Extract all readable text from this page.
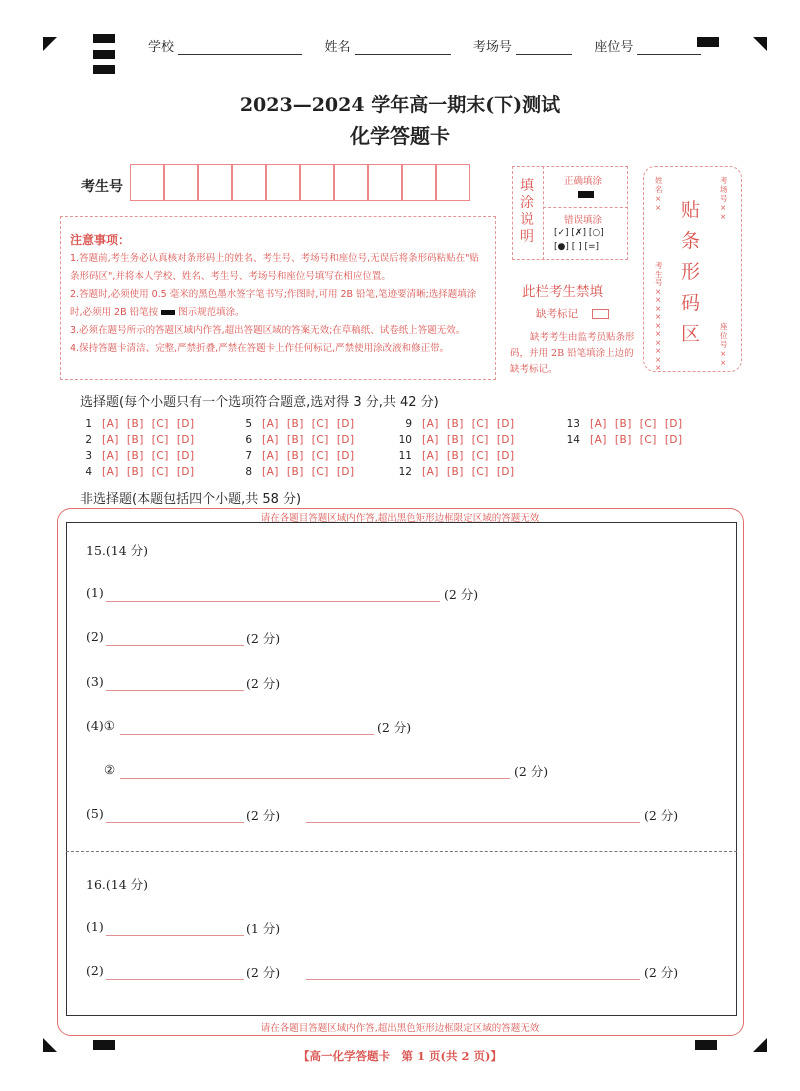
学校	姓名	考场号	座位号
2023—2024 学年高一期末(下)测试
化学答题卡
考生号	填涂说明
正确填涂
错误填涂
[✓] [✗] [○]
[●] [ ] [=]
贴条形码区
姓名××
考生号××××××××××
考场号××
座位号××
此栏考生禁填
缺考标记
缺考考生由监考员贴条形码，并用 2B 铅笔填涂上边的缺考标记。
注意事项：
1.答题前,考生务必认真核对条形码上的姓名、考生号、考场号和座位号,无误后将条形码粘贴在"贴条形码区",并将本人学校、姓名、考生号、考场号和座位号填写在相应位置。
2.答题时,必须使用 0.5 毫米的黑色墨水签字笔书写;作图时,可用 2B 铅笔,笔迹要清晰;选择题填涂时,必须用 2B 铅笔按 图示规范填涂。
3.必须在题号所示的答题区域内作答,超出答题区域的答案无效;在草稿纸、试卷纸上答题无效。
4.保持答题卡清洁、完整,严禁折叠,严禁在答题卡上作任何标记,严禁使用涂改液和修正带。
选择题(每个小题只有一个选项符合题意,选对得 3 分,共 42 分)
1 [A] [B] [C] [D]
2 [A] [B] [C] [D]
3 [A] [B] [C] [D]
4 [A] [B] [C] [D]
5 [A] [B] [C] [D]
6 [A] [B] [C] [D]
7 [A] [B] [C] [D]
8 [A] [B] [C] [D]
9 [A] [B] [C] [D]
10 [A] [B] [C] [D]
11 [A] [B] [C] [D]
12 [A] [B] [C] [D]
13 [A] [B] [C] [D]
14 [A] [B] [C] [D]
非选择题(本题包括四个小题,共 58 分)
请在各题目答题区域内作答,超出黑色矩形边框限定区域的答题无效
请在各题目答题区域内作答,超出黑色矩形边框限定区域的答题无效
15.(14 分)
(1)	(2 分)
(2)	(2 分)
(3)	(2 分)
(4)①	(2 分)
②	(2 分)
(5)	(2 分)	(2 分)
16.(14 分)
(1)	(1 分)
(2)	(2 分)	(2 分)
【高一化学答题卡　第 1 页(共 2 页)】
